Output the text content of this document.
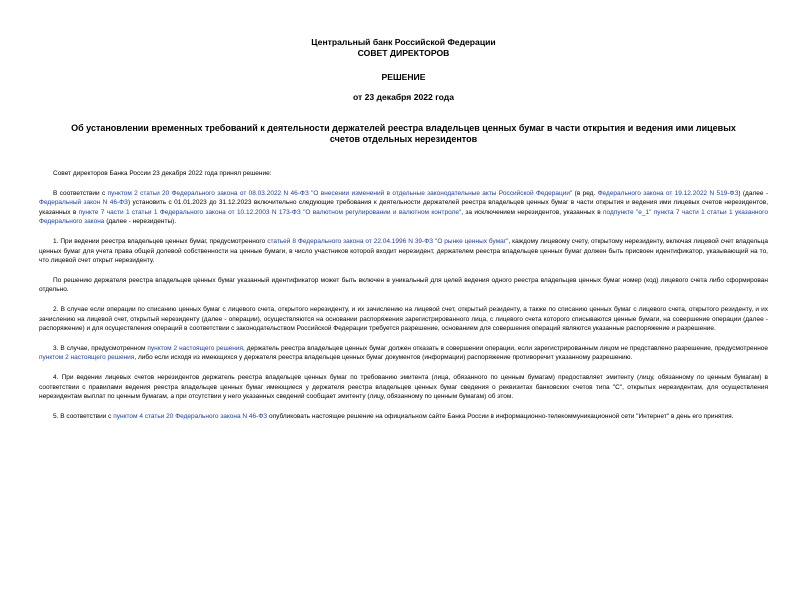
Центральный банк Российской Федерации
СОВЕТ ДИРЕКТОРОВ
РЕШЕНИЕ
от 23 декабря 2022 года
Об установлении временных требований к деятельности держателей реестра владельцев ценных бумаг в части открытия и ведения ими лицевых счетов отдельных нерезидентов

Совет директоров Банка России 23 декабря 2022 года принял решение:

В соответствии с пунктом 2 статьи 20 Федерального закона от 08.03.2022 N 46-ФЗ "О внесении изменений в отдельные законодательные акты Российской Федерации" (в ред. Федерального закона от 19.12.2022 N 519-ФЗ) (далее - Федеральный закон N 46-ФЗ) установить с 01.01.2023 до 31.12.2023 включительно следующие требования к деятельности держателей реестра владельцев ценных бумаг в части открытия и ведения ими лицевых счетов нерезидентов, указанных в пункте 7 части 1 статьи 1 Федерального закона от 10.12.2003 N 173-ФЗ "О валютном регулировании и валютном контроле", за исключением нерезидентов, указанных в подпункте "е_1" пункта 7 части 1 статьи 1 указанного Федерального закона (далее - нерезиденты).

1. При ведении реестра владельцев ценных бумаг, предусмотренного статьей 8 Федерального закона от 22.04.1996 N 39-ФЗ "О рынке ценных бумаг", каждому лицевому счету, открытому нерезиденту, включая лицевой счет владельца ценных бумаг для учета права общей долевой собственности на ценные бумаги, в число участников которой входит нерезидент, держателем реестра владельцев ценных бумаг должен быть присвоен идентификатор, указывающий на то, что лицевой счет открыт нерезиденту.

По решению держателя реестра владельцев ценных бумаг указанный идентификатор может быть включен в уникальный для целей ведения одного реестра владельцев ценных бумаг номер (код) лицевого счета либо сформирован отдельно.

2. В случае если операции по списанию ценных бумаг с лицевого счета, открытого нерезиденту, и их зачислению на лицевой счет, открытый резиденту, а также по списанию ценных бумаг с лицевого счета, открытого резиденту, и их зачислению на лицевой счет, открытый нерезиденту (далее - операции), осуществляются на основании распоряжения зарегистрированного лица, с лицевого счета которого списываются ценные бумаги, на совершение операции (далее - распоряжение) и для осуществления операций в соответствии с законодательством Российской Федерации требуется разрешение, основанием для совершения операций являются указанные распоряжение и разрешение.

3. В случае, предусмотренном пунктом 2 настоящего решения, держатель реестра владельцев ценных бумаг должен отказать в совершении операции, если зарегистрированным лицом не представлено разрешение, предусмотренное пунктом 2 настоящего решения, либо если исходя из имеющихся у держателя реестра владельцев ценных бумаг документов (информации) распоряжение противоречит указанному разрешению.

4. При ведении лицевых счетов нерезидентов держатель реестра владельцев ценных бумаг по требованию эмитента (лица, обязанного по ценным бумагам) предоставляет эмитенту (лицу, обязанному по ценным бумагам) в соответствии с правилами ведения реестра владельцев ценных бумаг имеющиеся у держателя реестра владельцев ценных бумаг сведения о реквизитах банковских счетов типа "С", открытых нерезидентам, для осуществления нерезидентам выплат по ценным бумагам, а при отсутствии у него указанных сведений сообщает эмитенту (лицу, обязанному по ценным бумагам) об этом.

5. В соответствии с пунктом 4 статьи 20 Федерального закона N 46-ФЗ опубликовать настоящее решение на официальном сайте Банка России в информационно-телекоммуникационной сети "Интернет" в день его принятия.
